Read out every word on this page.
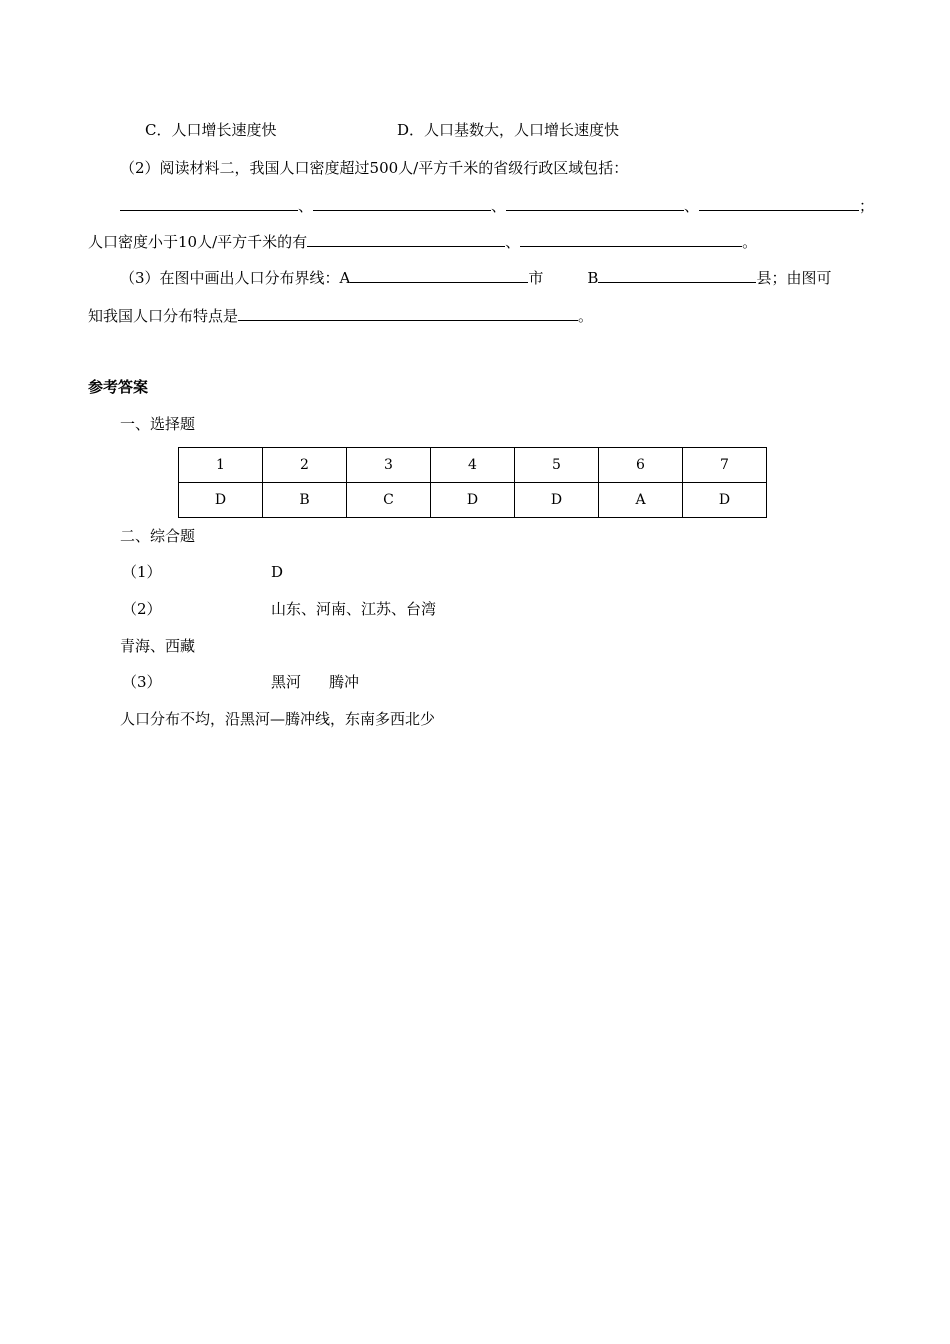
C．人口增长速度快	D．人口基数大，人口增长速度快
（2）阅读材料二，我国人口密度超过500人/平方千米的省级行政区域包括：
、	、	、	；
人口密度小于10人/平方千米的有	、	。
（3）在图中画出人口分布界线：A	市	B	县；由图可
知我国人口分布特点是	。
参考答案
一、选择题
1	2	3	4	5	6	7
D	B	C	D	D	A	D
二、综合题
（1）	D
（2）	山东、河南、江苏、台湾
青海、西藏
（3）	黑河 腾冲
人口分布不均，沿黑河—腾冲线，东南多西北少
